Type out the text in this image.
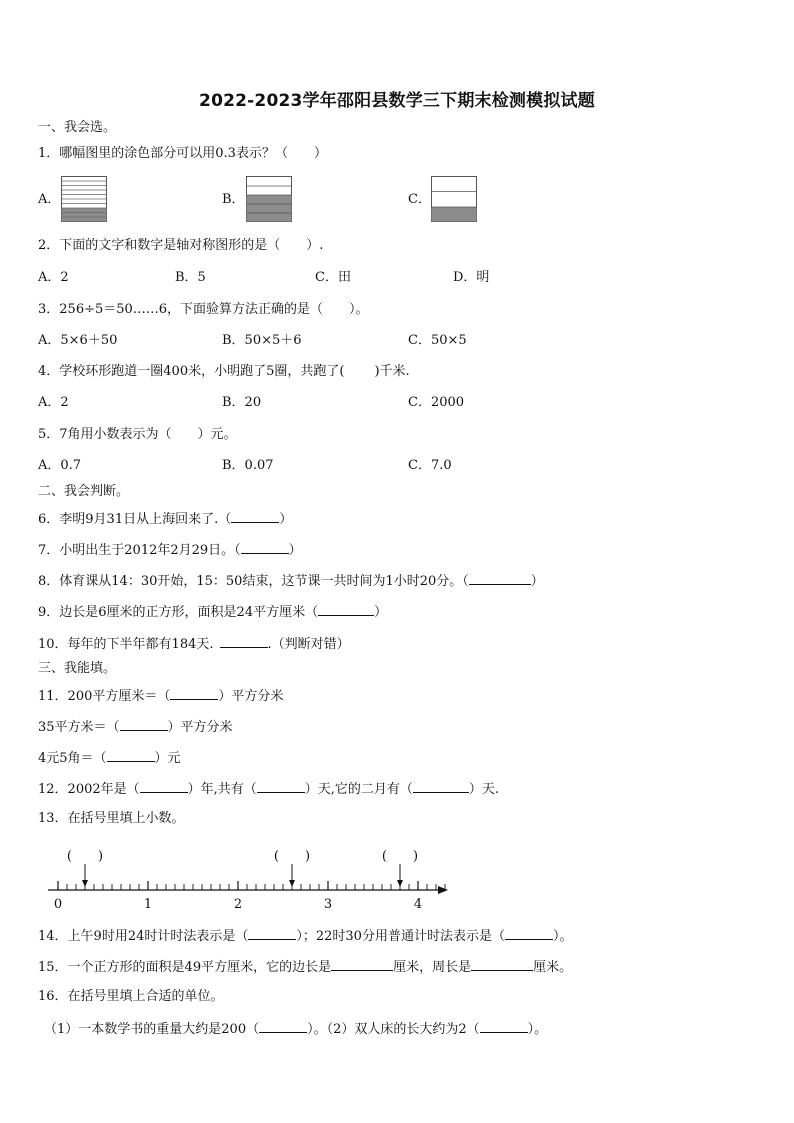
2022-2023学年邵阳县数学三下期末检测模拟试题
一、我会选。
1．哪幅图里的涂色部分可以用0.3表示？（　　）
A．	B．	C．
2．下面的文字和数字是轴对称图形的是（　　）.
A．2	B．5	C．田	D．明
3．256÷5＝50……6，下面验算方法正确的是（　　）。
A．5×6＋50	B．50×5＋6	C．50×5
4．学校环形跑道一圈400米，小明跑了5圈，共跑了( )千米.
A．2	B．20	C．2000
5．7角用小数表示为（　　）元。
A．0.7	B．0.07	C．7.0
二、我会判断。
6．李明9月31日从上海回来了.（	）
7．小明出生于2012年2月29日。（	）
8．体育课从14：30开始，15：50结束，这节课一共时间为1小时20分。（	）
9．边长是6厘米的正方形，面积是24平方厘米（	）
10．每年的下半年都有184天.	.（判断对错）
三、我能填。
11．200平方厘米＝（	）平方分米
35平方米＝（	）平方分米
4元5角＝（	）元
12．2002年是（	）年,共有（	）天,它的二月有（	）天.
13．在括号里填上小数。
0	1	2	3	4
(　　)	(　　)	(　　)
14．上午9时用24时计时法表示是（	）；22时30分用普通计时法表示是（	）。
15．一个正方形的面积是49平方厘米，它的边长是	厘米，周长是	厘米。
16．在括号里填上合适的单位。
（1）一本数学书的重量大约是200（	）。（2）双人床的长大约为2（	）。
